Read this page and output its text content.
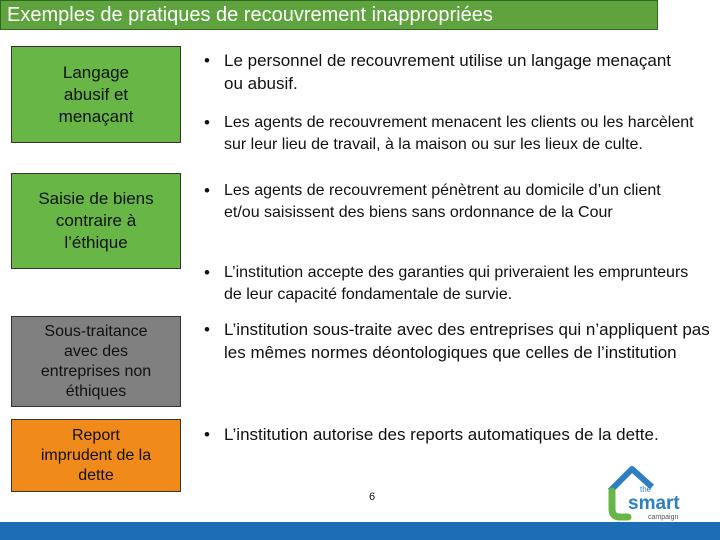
Exemples de pratiques de recouvrement inappropriées
Langage
abusif et
menaçant
Saisie de biens
contraire à
l’éthique
Sous-traitance
avec des
entreprises non
éthiques
Report
imprudent de la
dette
• Le personnel de recouvrement utilise un langage menaçant ou abusif.
• Les agents de recouvrement menacent les clients ou les harcèlent sur leur lieu de travail, à la maison ou sur les lieux de culte.
• Les agents de recouvrement pénètrent au domicile d’un client et/ou saisissent des biens sans ordonnance de la Cour
• L’institution accepte des garanties qui priveraient les emprunteurs de leur capacité fondamentale de survie.
• L’institution sous-traite avec des entreprises qui n’appliquent pas les mêmes normes déontologiques que celles de l’institution
• L’institution autorise des reports automatiques de la dette.
6
the
smart
campaign
